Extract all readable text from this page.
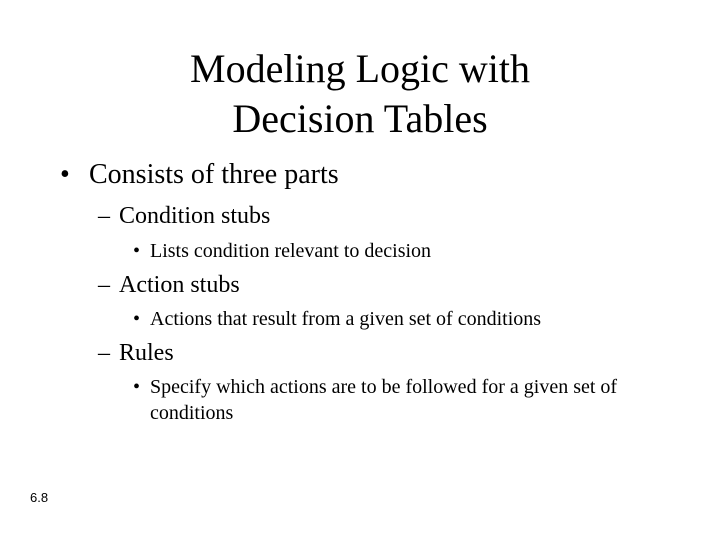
Modeling Logic with
Decision Tables
• Consists of three parts
– Condition stubs
• Lists condition relevant to decision
– Action stubs
• Actions that result from a given set of conditions
– Rules
• Specify which actions are to be followed for a given set of conditions
6.8
